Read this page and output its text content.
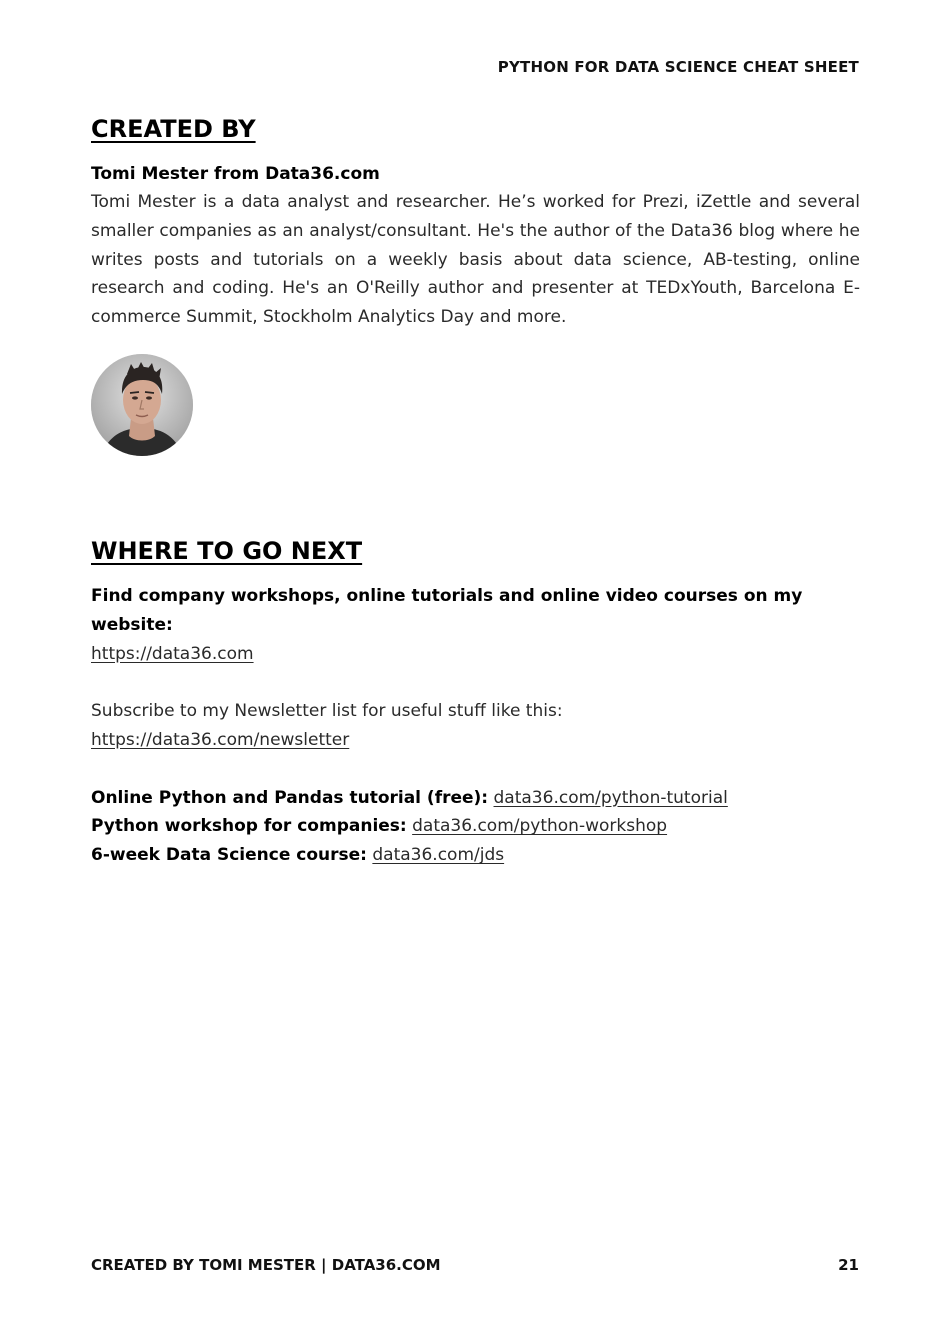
PYTHON FOR DATA SCIENCE CHEAT SHEET
CREATED BY
Tomi Mester from Data36.com

Tomi Mester is a data analyst and researcher. He’s worked for Prezi, iZettle and several smaller companies as an analyst/consultant. He's the author of the Data36 blog where he writes posts and tutorials on a weekly basis about data science, AB-testing, online research and coding. He's an O'Reilly author and presenter at TEDxYouth, Barcelona E-commerce Summit, Stockholm Analytics Day and more.

WHERE TO GO NEXT

Find company workshops, online tutorials and online video courses on my website:

https://data36.com

Subscribe to my Newsletter list for useful stuff like this:

https://data36.com/newsletter

Online Python and Pandas tutorial (free): data36.com/python-tutorial

Python workshop for companies: data36.com/python-workshop

6-week Data Science course: data36.com/jds

CREATED BY TOMI MESTER | DATA36.COM	21
